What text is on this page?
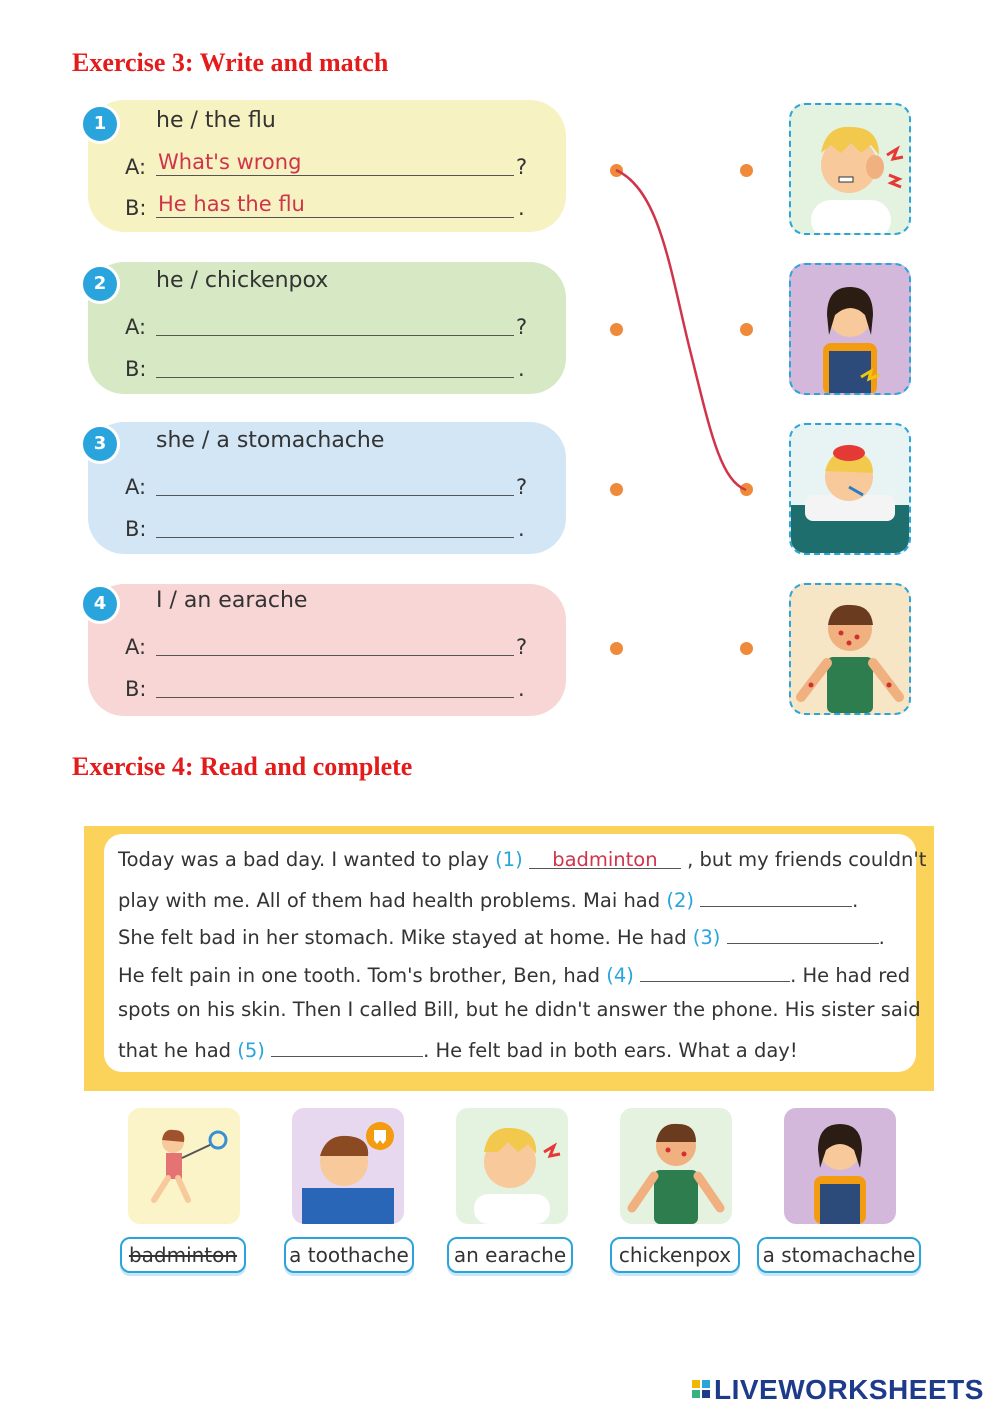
Exercise 3: Write and match
1	he / the flu
A: What's wrong	?
B: He has the flu	.
2	he / chickenpox
A:	?
B:	.
3	she / a stomachache
A:	?
B:	.
4	I / an earache
A:	?
B:	.
Exercise 4: Read and complete
Today was a bad day. I wanted to play (1) badminton , but my friends couldn't
play with me. All of them had health problems. Mai had (2)	.
She felt bad in her stomach. Mike stayed at home. He had (3)	.
He felt pain in one tooth. Tom's brother, Ben, had (4)	. He had red
spots on his skin. Then I called Bill, but he didn't answer the phone. His sister said
that he had (5)	. He felt bad in both ears. What a day!
badminton	a toothache	an earache	chickenpox	a stomachache
LIVEWORKSHEETS
